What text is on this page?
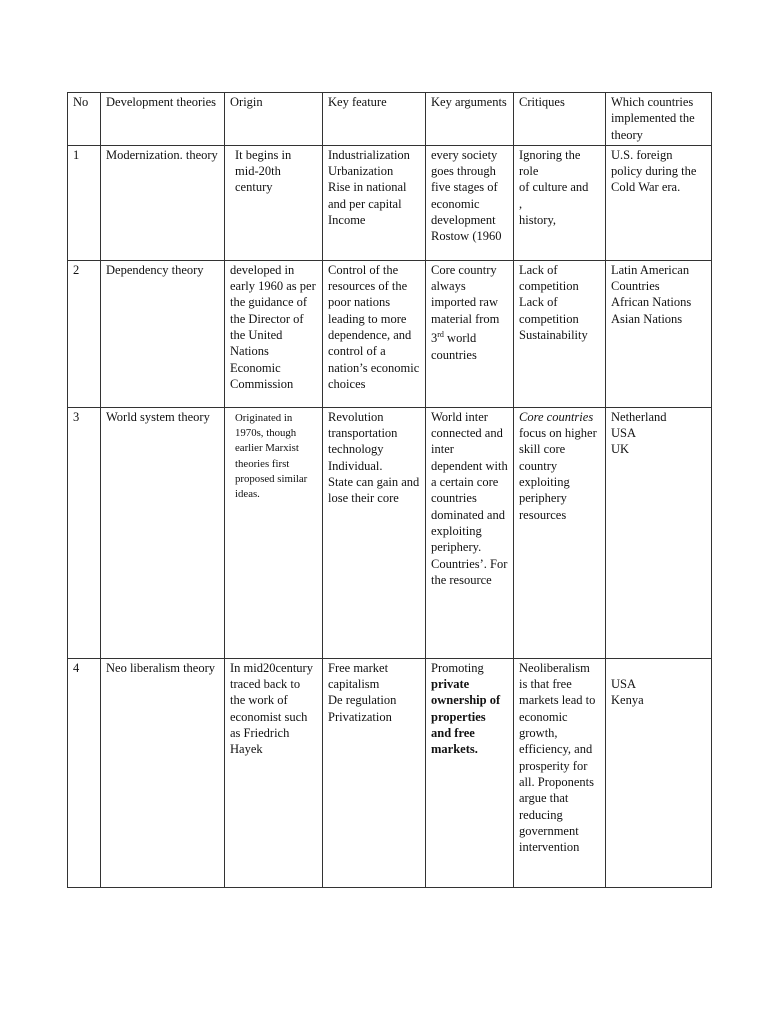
No	Development theories	Origin	Key feature	Key arguments	Critiques	Which countries implemented the theory

1	Modernization. theory	It begins in mid-20th century	Industrialization
Urbanization
Rise in national and per capital Income	every society goes through five stages of economic development Rostow (1960	Ignoring the role
of culture and
,
history,	U.S. foreign policy during the Cold War era.

2	Dependency theory	developed in early 1960 as per the guidance of the Director of the United Nations Economic Commission	Control of the resources of the poor nations leading to more dependence, and control of a nation’s economic choices	Core country always imported raw material from 3rd world countries	Lack of competition
Lack of competition
Sustainability	Latin American Countries
African Nations
Asian Nations

3	World system theory	Originated in 1970s, though earlier Marxist theories first proposed similar ideas.	Revolution transportation technology
Individual.
State can gain and lose their core	World inter connected and inter dependent with a certain core countries dominated and exploiting periphery. Countries’. For the resource	Core countries focus on higher skill core country exploiting periphery resources	Netherland
USA
UK

4	Neo liberalism theory	In mid20century traced back to the work of economist such as Friedrich Hayek	Free market capitalism
De regulation
Privatization	Promoting private ownership of properties and free markets.	Neoliberalism is that free markets lead to economic growth, efficiency, and prosperity for all. Proponents argue that reducing government intervention	
USA
Kenya
